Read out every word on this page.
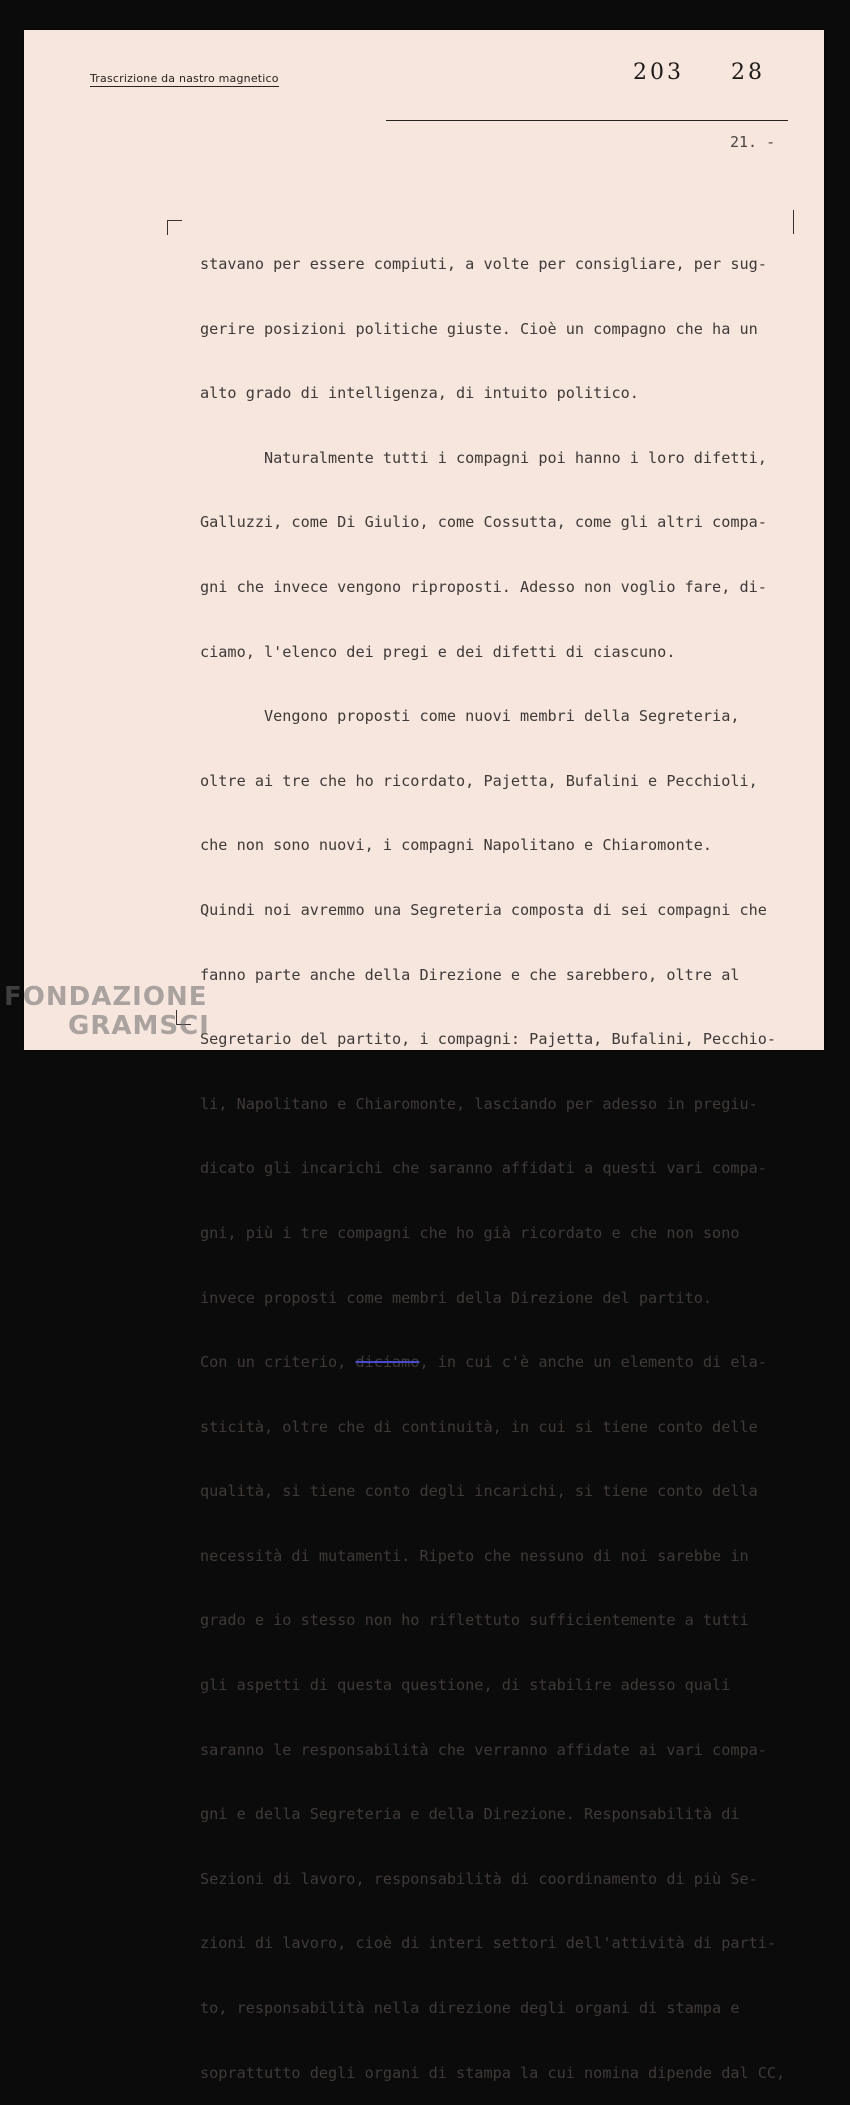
Trascrizione da nastro magnetico	203 28
21. -

stavano per essere compiuti, a volte per consigliare, per sug-

gerire posizioni politiche giuste. Cioè un compagno che ha un

alto grado di intelligenza, di intuito politico.

Naturalmente tutti i compagni poi hanno i loro difetti,

Galluzzi, come Di Giulio, come Cossutta, come gli altri compa-

gni che invece vengono riproposti. Adesso non voglio fare, di-

ciamo, l'elenco dei pregi e dei difetti di ciascuno.

Vengono proposti come nuovi membri della Segreteria,

oltre ai tre che ho ricordato, Pajetta, Bufalini e Pecchioli,

che non sono nuovi, i compagni Napolitano e Chiaromonte.

Quindi noi avremmo una Segreteria composta di sei compagni che

fanno parte anche della Direzione e che sarebbero, oltre al

Segretario del partito, i compagni: Pajetta, Bufalini, Pecchio-

li, Napolitano e Chiaromonte, lasciando per adesso in pregiu-

dicato gli incarichi che saranno affidati a questi vari compa-

gni, più i tre compagni che ho già ricordato e che non sono

invece proposti come membri della Direzione del partito.

Con un criterio, diciamo, in cui c'è anche un elemento di ela-

sticità, oltre che di continuità, in cui si tiene conto delle

qualità, si tiene conto degli incarichi, si tiene conto della

necessità di mutamenti. Ripeto che nessuno di noi sarebbe in

grado e io stesso non ho riflettuto sufficientemente a tutti

gli aspetti di questa questione, di stabilire adesso quali

saranno le responsabilità che verranno affidate ai vari compa-

gni e della Segreteria e della Direzione. Responsabilità di

Sezioni di lavoro, responsabilità di coordinamento di più Se-

zioni di lavoro, cioè di interi settori dell'attività di parti-

to, responsabilità nella direzione degli organi di stampa e

soprattutto degli organi di stampa la cui nomina dipende dal CC,

FONDAZIONE
GRAMSCI
